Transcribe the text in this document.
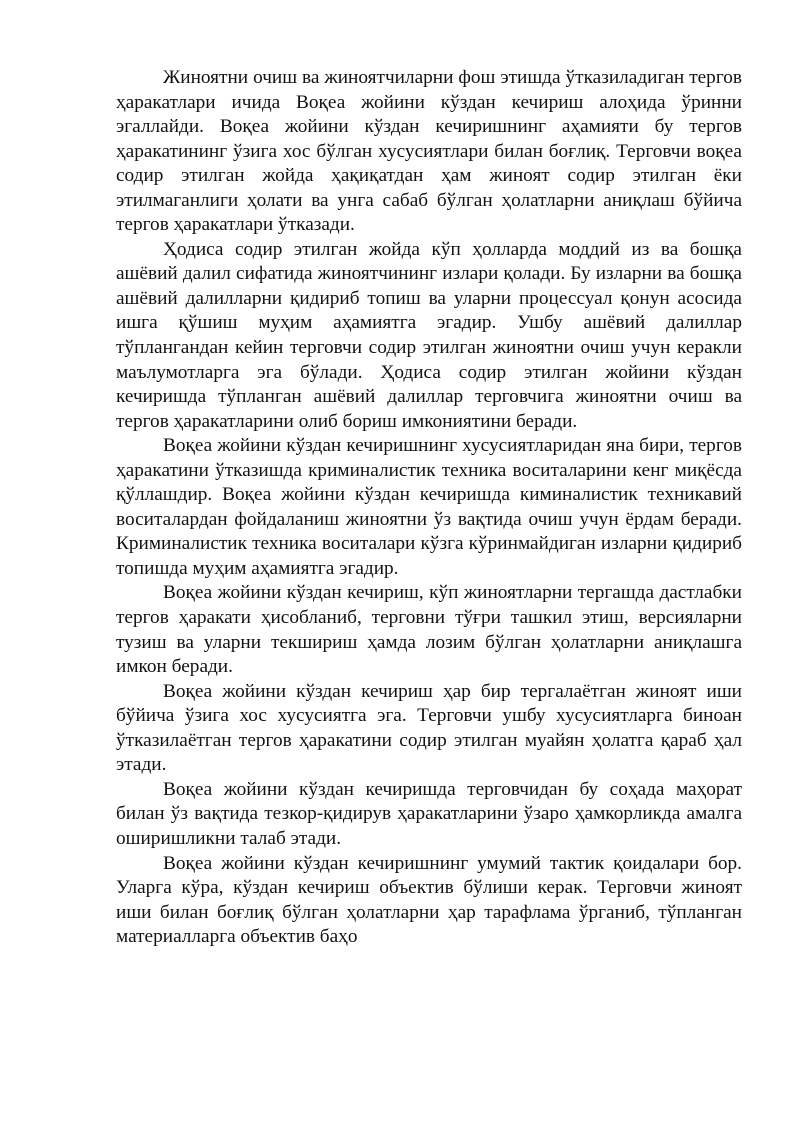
Жиноятни очиш ва жиноятчиларни фош этишда ўтказиладиган тергов ҳаракатлари ичида Воқеа жойини кўздан кечириш алоҳида ўринни эгаллайди. Воқеа жойини кўздан кечиришнинг аҳамияти бу тергов ҳаракатининг ўзига хос бўлган хусусиятлари билан боғлиқ. Терговчи воқеа содир этилган жойда ҳақиқатдан ҳам жиноят содир этилган ёки этилмаганлиги ҳолати ва унга сабаб бўлган ҳолатларни аниқлаш бўйича тергов ҳаракатлари ўтказади.

Ҳодиса содир этилган жойда кўп ҳолларда моддий из ва бошқа ашёвий далил сифатида жиноятчининг излари қолади. Бу изларни ва бошқа ашёвий далилларни қидириб топиш ва уларни процессуал қонун асосида ишга қўшиш муҳим аҳамиятга эгадир. Ушбу ашёвий далиллар тўплангандан кейин терговчи содир этилган жиноятни очиш учун керакли маълумотларга эга бўлади. Ҳодиса содир этилган жойини кўздан кечиришда тўпланган ашёвий далиллар терговчига жиноятни очиш ва тергов ҳаракатларини олиб бориш имкониятини беради.

Воқеа жойини кўздан кечиришнинг хусусиятларидан яна бири, тергов ҳаракатини ўтказишда криминалистик техника воситаларини кенг миқёсда қўллашдир. Воқеа жойини кўздан кечиришда киминалистик техникавий воситалардан фойдаланиш жиноятни ўз вақтида очиш учун ёрдам беради. Криминалистик техника воситалари кўзга кўринмайдиган изларни қидириб топишда муҳим аҳамиятга эгадир.

Воқеа жойини кўздан кечириш, кўп жиноятларни тергашда дастлабки тергов ҳаракати ҳисобланиб, терговни тўғри ташкил этиш, версияларни тузиш ва уларни текшириш ҳамда лозим бўлган ҳолатларни аниқлашга имкон беради.

Воқеа жойини кўздан кечириш ҳар бир тергалаётган жиноят иши бўйича ўзига хос хусусиятга эга. Терговчи ушбу хусусиятларга биноан ўтказилаётган тергов ҳаракатини содир этилган муайян ҳолатга қараб ҳал этади.

Воқеа жойини кўздан кечиришда терговчидан бу соҳада маҳорат билан ўз вақтида тезкор-қидирув ҳаракатларини ўзаро ҳамкорликда амалга оширишликни талаб этади.

Воқеа жойини кўздан кечиришнинг умумий тактик қоидалари бор. Уларга кўра, кўздан кечириш объектив бўлиши керак. Терговчи жиноят иши билан боғлиқ бўлган ҳолатларни ҳар тарафлама ўрганиб, тўпланган материалларга объектив баҳо
